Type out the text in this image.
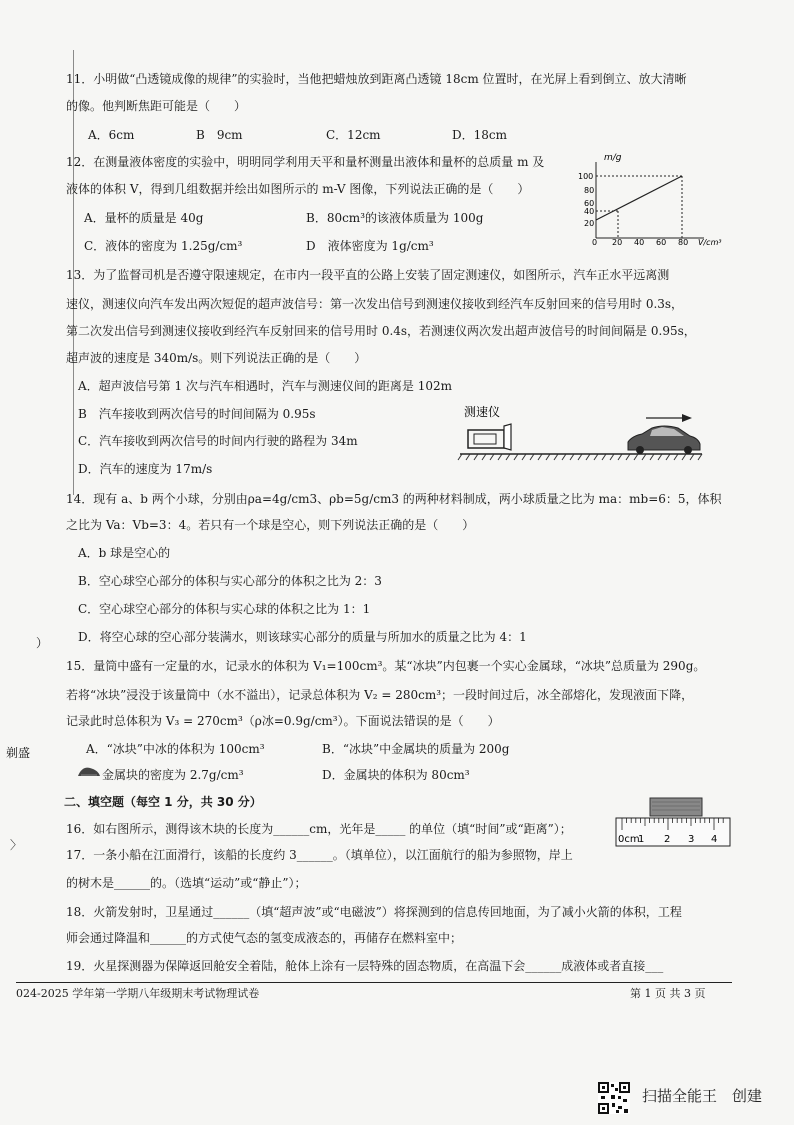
11．小明做“凸透镜成像的规律”的实验时，当他把蜡烛放到距离凸透镜 18cm 位置时，在光屏上看到倒立、放大清晰
的像。他判断焦距可能是（　　）
A．6cm	B　9cm	C．12cm	D．18cm
12．在测量液体密度的实验中，明明同学利用天平和量杯测量出液体和量杯的总质量 m 及
液体的体积 V，得到几组数据并绘出如图所示的 m-V 图像，下列说法正确的是（　　）
A．量杯的质量是 40g	B．80cm³的该液体质量为 100g
C．液体的密度为 1.25g/cm³	D　液体密度为 1g/cm³
m/g
100
80
60
40
20
0 20 40 60 80 V/cm³
13．为了监督司机是否遵守限速规定，在市内一段平直的公路上安装了固定测速仪，如图所示，汽车正水平远离测
速仪，测速仪向汽车发出两次短促的超声波信号：第一次发出信号到测速仪接收到经汽车反射回来的信号用时 0.3s，
第二次发出信号到测速仪接收到经汽车反射回来的信号用时 0.4s，若测速仪两次发出超声波信号的时间间隔是 0.95s，
超声波的速度是 340m/s。则下列说法正确的是（　　）
A．超声波信号第 1 次与汽车相遇时，汽车与测速仪间的距离是 102m
B　汽车接收到两次信号的时间间隔为 0.95s
C．汽车接收到两次信号的时间内行驶的路程为 34m
D．汽车的速度为 17m/s
测速仪
14．现有 a、b 两个小球，分别由ρa=4g/cm3、ρb=5g/cm3 的两种材料制成，两小球质量之比为 ma：mb=6：5，体积
之比为 Va：Vb=3：4。若只有一个球是空心，则下列说法正确的是（　　）
A．b 球是空心的
B．空心球空心部分的体积与实心部分的体积之比为 2：3
C．空心球空心部分的体积与实心球的体积之比为 1：1
D．将空心球的空心部分装满水，则该球实心部分的质量与所加水的质量之比为 4：1
15．量筒中盛有一定量的水，记录水的体积为 V₁=100cm³。某“冰块”内包裹一个实心金属球，“冰块”总质量为 290g。
若将“冰块”浸没于该量筒中（水不溢出），记录总体积为 V₂ = 280cm³；一段时间过后，冰全部熔化，发现液面下降，
记录此时总体积为 V₃ = 270cm³（ρ冰=0.9g/cm³）。下面说法错误的是（　　）
A．“冰块”中冰的体积为 100cm³	B．“冰块”中金属块的质量为 200g
金属块的密度为 2.7g/cm³	D．金属块的体积为 80cm³
二、填空题（每空 1 分，共 30 分）
0cm
1 2 3 4
16．如右图所示，测得该木块的长度为______cm，光年是_____ 的单位（填“时间”或“距离”）；
17．一条小船在江面滑行，该船的长度约 3______。（填单位），以江面航行的船为参照物，岸上
的树木是______的。（选填“运动”或“静止”）；
18．火箭发射时，卫星通过______（填“超声波”或“电磁波”）将探测到的信息传回地面，为了减小火箭的体积，工程
师会通过降温和______的方式使气态的氢变成液态的，再储存在燃料室中；
19．火星探测器为保障返回舱安全着陆，舱体上涂有一层特殊的固态物质，在高温下会______成液体或者直接___
）
剃盛
〉
024-2025 学年第一学期八年级期末考试物理试卷	第 1 页 共 3 页
扫描全能王　创建
